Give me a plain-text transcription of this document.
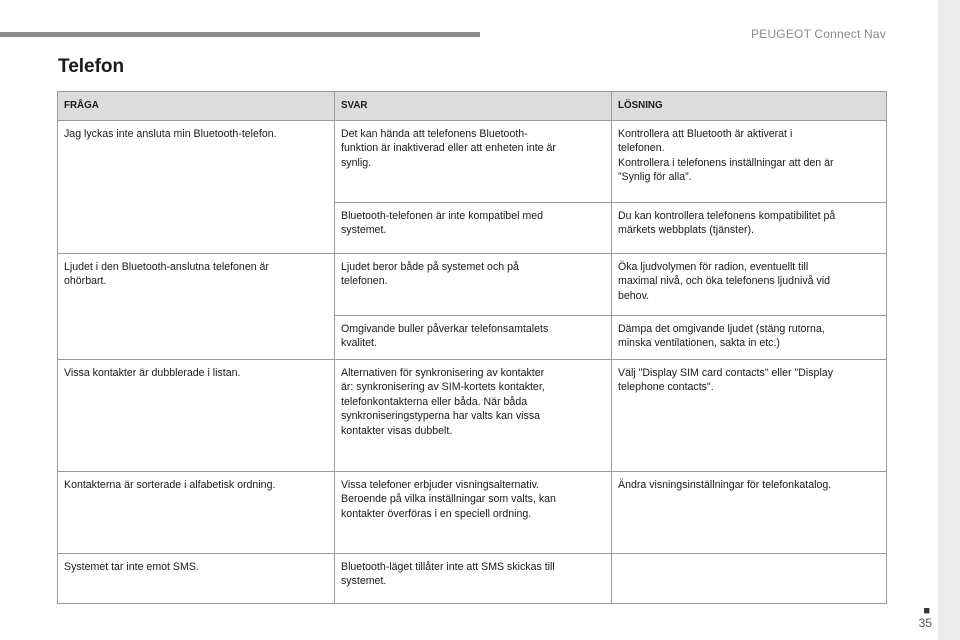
PEUGEOT Connect Nav
Telefon
FRÅGA	SVAR	LÖSNING

Jag lyckas inte ansluta min Bluetooth-telefon.	Det kan hända att telefonens Bluetooth-
funktion är inaktiverad eller att enheten inte är
synlig.	Kontrollera att Bluetooth är aktiverat i
telefonen.
Kontrollera i telefonens inställningar att den är
”Synlig för alla”.

	Bluetooth-telefonen är inte kompatibel med
systemet.	Du kan kontrollera telefonens kompatibilitet på
märkets webbplats (tjänster).

Ljudet i den Bluetooth-anslutna telefonen är
ohörbart.	Ljudet beror både på systemet och på
telefonen.	Öka ljudvolymen för radion, eventuellt till
maximal nivå, och öka telefonens ljudnivå vid
behov.

	Omgivande buller påverkar telefonsamtalets
kvalitet.	Dämpa det omgivande ljudet (stäng rutorna,
minska ventilationen, sakta in etc.)

Vissa kontakter är dubblerade i listan.	Alternativen för synkronisering av kontakter
är: synkronisering av SIM-kortets kontakter,
telefonkontakterna eller båda. När båda
synkroniseringstyperna har valts kan vissa
kontakter visas dubbelt.	Välj "Display SIM card contacts" eller "Display
telephone contacts".

Kontakterna är sorterade i alfabetisk ordning.	Vissa telefoner erbjuder visningsalternativ.
Beroende på vilka inställningar som valts, kan
kontakter överföras i en speciell ordning.	Ändra visningsinställningar för telefonkatalog.

Systemet tar inte emot SMS.	Bluetooth-läget tillåter inte att SMS skickas till
systemet.	

■
35
